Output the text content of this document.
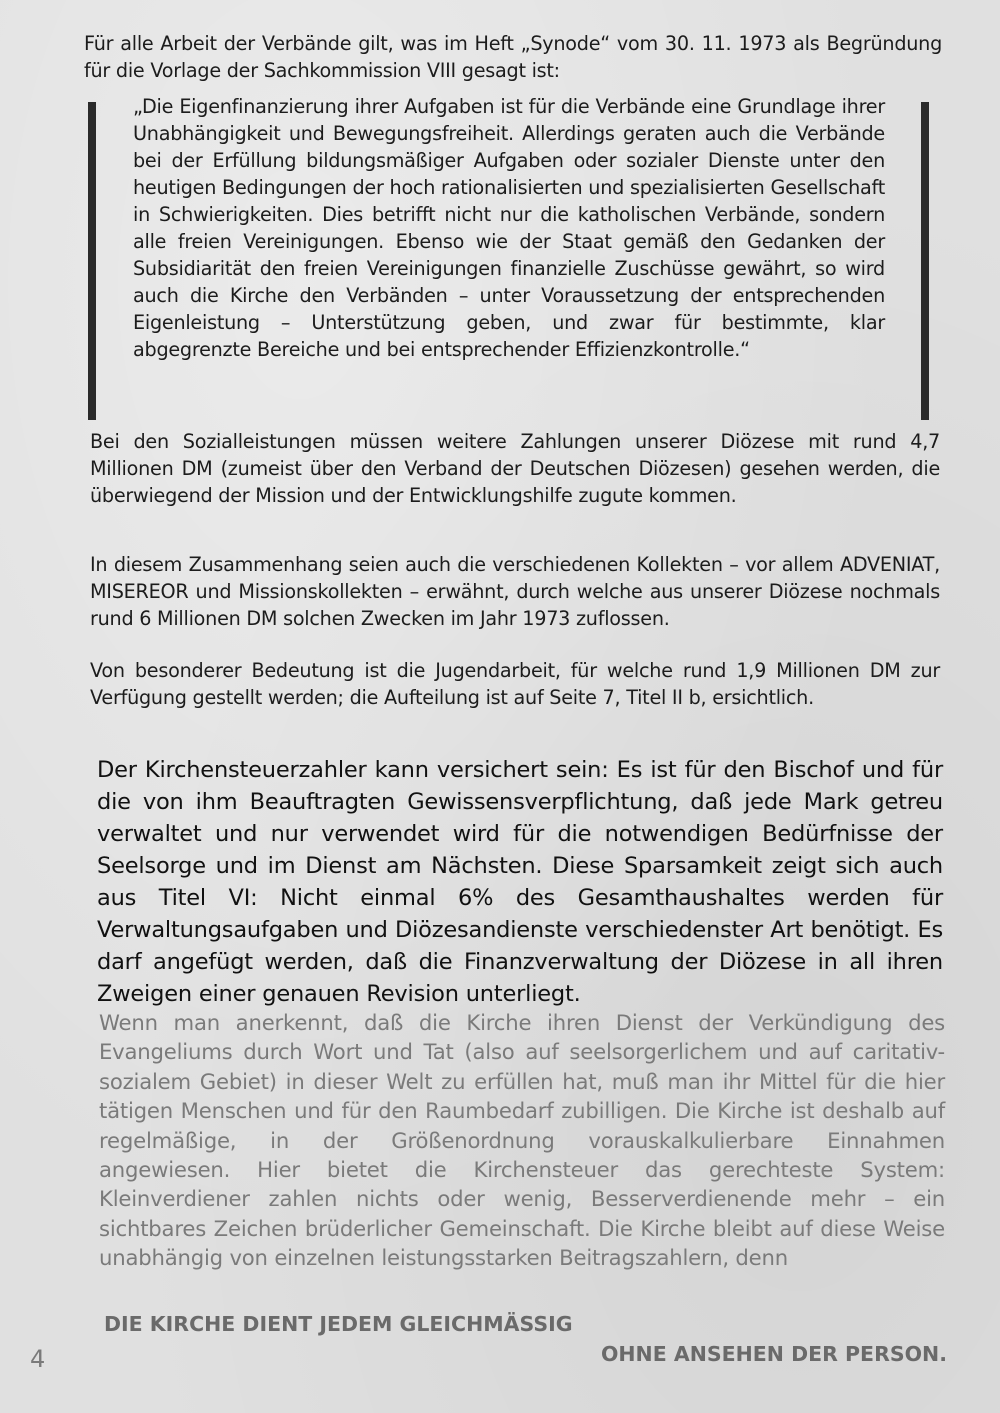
Für alle Arbeit der Verbände gilt, was im Heft „Synode“ vom 30. 11. 1973 als Begründung für die Vorlage der Sachkommission VIII gesagt ist:

„Die Eigenfinanzierung ihrer Aufgaben ist für die Verbände eine Grundlage ihrer Unabhängigkeit und Bewegungsfreiheit. Allerdings geraten auch die Verbände bei der Erfüllung bildungsmäßiger Aufgaben oder sozialer Dienste unter den heutigen Bedingungen der hoch rationalisierten und spezialisierten Gesellschaft in Schwierigkeiten. Dies betrifft nicht nur die katholischen Verbände, sondern alle freien Vereinigungen. Ebenso wie der Staat gemäß den Gedanken der Subsidiarität den freien Vereinigungen finanzielle Zuschüsse gewährt, so wird auch die Kirche den Verbänden – unter Voraussetzung der entsprechenden Eigenleistung – Unterstützung geben, und zwar für bestimmte, klar abgegrenzte Bereiche und bei entsprechender Effizienzkontrolle.“

Bei den Sozialleistungen müssen weitere Zahlungen unserer Diözese mit rund 4,7 Millionen DM (zumeist über den Verband der Deutschen Diözesen) gesehen werden, die überwiegend der Mission und der Entwicklungshilfe zugute kommen.

In diesem Zusammenhang seien auch die verschiedenen Kollekten – vor allem ADVENIAT, MISEREOR und Missionskollekten – erwähnt, durch welche aus unserer Diözese nochmals rund 6 Millionen DM solchen Zwecken im Jahr 1973 zuflossen.

Von besonderer Bedeutung ist die Jugendarbeit, für welche rund 1,9 Millionen DM zur Verfügung gestellt werden; die Aufteilung ist auf Seite 7, Titel II b, ersichtlich.

Der Kirchensteuerzahler kann versichert sein: Es ist für den Bischof und für die von ihm Beauftragten Gewissensverpflichtung, daß jede Mark getreu verwaltet und nur verwendet wird für die notwendigen Bedürfnisse der Seelsorge und im Dienst am Nächsten. Diese Sparsamkeit zeigt sich auch aus Titel VI: Nicht einmal 6% des Gesamthaushaltes werden für Verwaltungsaufgaben und Diözesandienste verschiedenster Art benötigt. Es darf angefügt werden, daß die Finanzverwaltung der Diözese in all ihren Zweigen einer genauen Revision unterliegt.

Wenn man anerkennt, daß die Kirche ihren Dienst der Verkündigung des Evangeliums durch Wort und Tat (also auf seelsorgerlichem und auf caritativ-sozialem Gebiet) in dieser Welt zu erfüllen hat, muß man ihr Mittel für die hier tätigen Menschen und für den Raumbedarf zubilligen. Die Kirche ist deshalb auf regelmäßige, in der Größenordnung vorauskalkulierbare Einnahmen angewiesen. Hier bietet die Kirchensteuer das gerechteste System: Kleinverdiener zahlen nichts oder wenig, Besserverdienende mehr – ein sichtbares Zeichen brüderlicher Gemeinschaft. Die Kirche bleibt auf diese Weise unabhängig von einzelnen leistungsstarken Beitragszahlern, denn

DIE KIRCHE DIENT JEDEM GLEICHMÄSSIG

OHNE ANSEHEN DER PERSON.

4
